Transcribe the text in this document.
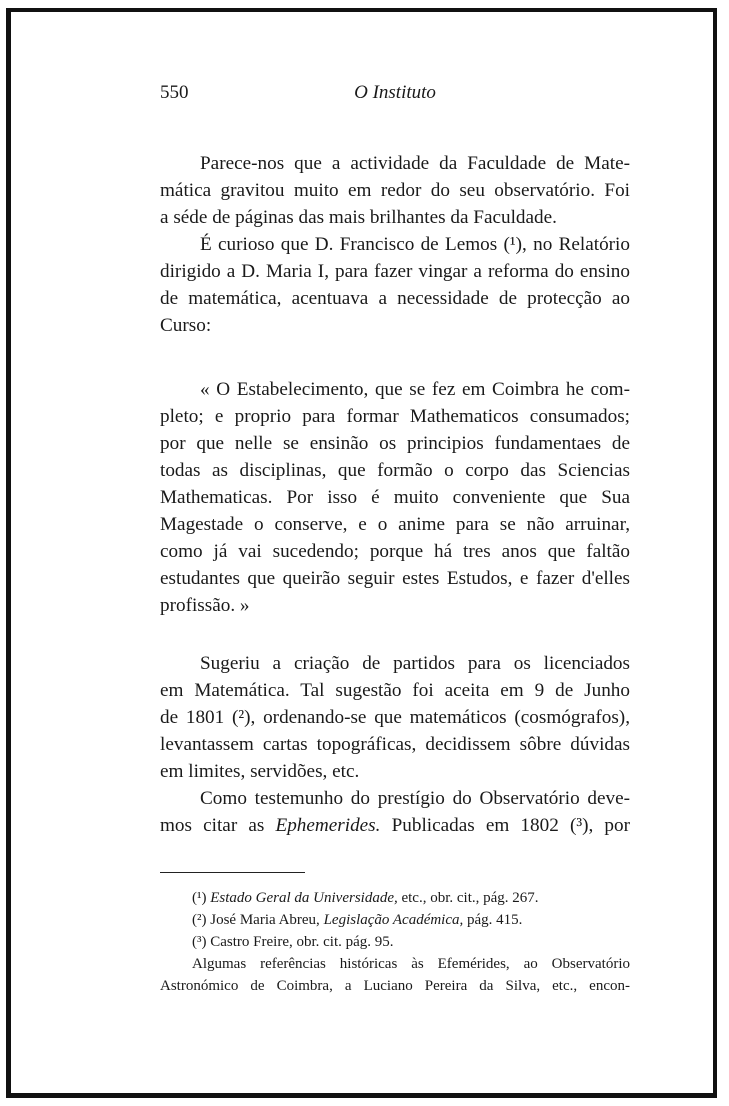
550	O Instituto
Parece-nos que a actividade da Faculdade de Mate-
mática gravitou muito em redor do seu observatório. Foi
a séde de páginas das mais brilhantes da Faculdade.
É curioso que D. Francisco de Lemos (¹), no Relatório
dirigido a D. Maria I, para fazer vingar a reforma do ensino
de matemática, acentuava a necessidade de protecção ao
Curso:
« O Estabelecimento, que se fez em Coimbra he com-
pleto; e proprio para formar Mathematicos consumados;
por que nelle se ensinão os principios fundamentaes de
todas as disciplinas, que formão o corpo das Sciencias
Mathematicas. Por isso é muito conveniente que Sua
Magestade o conserve, e o anime para se não arruinar,
como já vai sucedendo; porque há tres anos que faltão
estudantes que queirão seguir estes Estudos, e fazer d'elles
profissão. »
Sugeriu a criação de partidos para os licenciados
em Matemática. Tal sugestão foi aceita em 9 de Junho
de 1801 (²), ordenando-se que matemáticos (cosmógrafos),
levantassem cartas topográficas, decidissem sôbre dúvidas
em limites, servidões, etc.
Como testemunho do prestígio do Observatório deve-
mos citar as Ephemerides. Publicadas em 1802 (³), por
(¹) Estado Geral da Universidade, etc., obr. cit., pág. 267.
(²) José Maria Abreu, Legislação Académica, pág. 415.
(³) Castro Freire, obr. cit. pág. 95.
Algumas referências históricas às Efemérides, ao Observatório
Astronómico de Coimbra, a Luciano Pereira da Silva, etc., encon-
